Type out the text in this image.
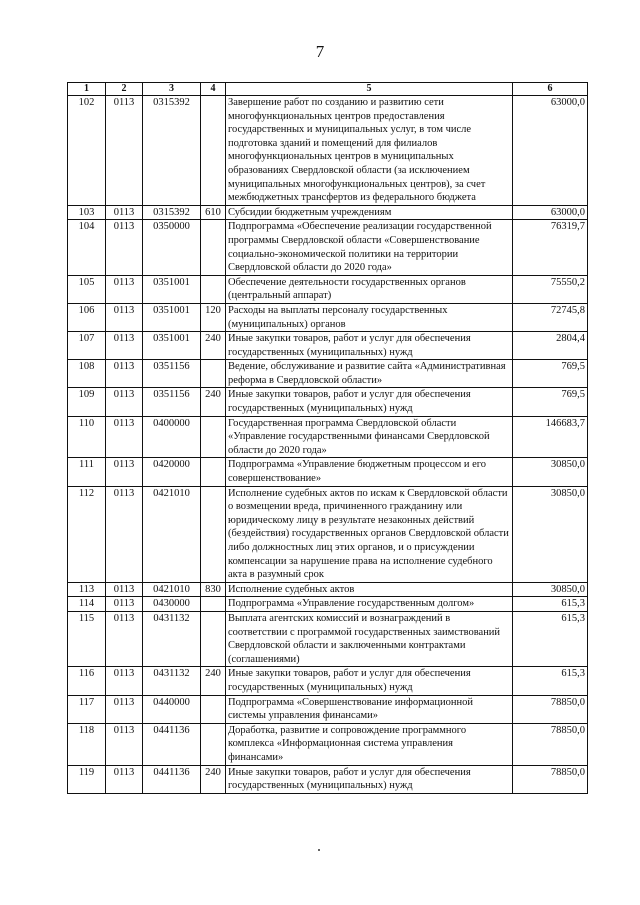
7
1	2	3	4	5	6
102	0113	0315392		Завершение работ по созданию и развитию сети многофункциональных центров предоставления государственных и муниципальных услуг, в том числе подготовка зданий и помещений для филиалов многофункциональных центров в муниципальных образованиях Свердловской области (за исключением муниципальных многофункциональных центров), за счет межбюджетных трансфертов из федерального бюджета	63000,0
103	0113	0315392	610	Субсидии бюджетным учреждениям	63000,0
104	0113	0350000		Подпрограмма «Обеспечение реализации государственной программы Свердловской области «Совершенствование социально-экономической политики на территории Свердловской области до 2020 года»	76319,7
105	0113	0351001		Обеспечение деятельности государственных органов (центральный аппарат)	75550,2
106	0113	0351001	120	Расходы на выплаты персоналу государственных (муниципальных) органов	72745,8
107	0113	0351001	240	Иные закупки товаров, работ и услуг для обеспечения государственных (муниципальных) нужд	2804,4
108	0113	0351156		Ведение, обслуживание и развитие сайта «Административная реформа в Свердловской области»	769,5
109	0113	0351156	240	Иные закупки товаров, работ и услуг для обеспечения государственных (муниципальных) нужд	769,5
110	0113	0400000		Государственная программа Свердловской области «Управление государственными финансами Свердловской области до 2020 года»	146683,7
111	0113	0420000		Подпрограмма «Управление бюджетным процессом и его совершенствование»	30850,0
112	0113	0421010		Исполнение судебных актов по искам к Свердловской области о возмещении вреда, причиненного гражданину или юридическому лицу в результате незаконных действий (бездействия) государственных органов Свердловской области либо должностных лиц этих органов, и о присуждении компенсации за нарушение права на исполнение судебного акта в разумный срок	30850,0
113	0113	0421010	830	Исполнение судебных актов	30850,0
114	0113	0430000		Подпрограмма «Управление государственным долгом»	615,3
115	0113	0431132		Выплата агентских комиссий и вознаграждений в соответствии с программой государственных заимствований Свердловской области и заключенными контрактами (соглашениями)	615,3
116	0113	0431132	240	Иные закупки товаров, работ и услуг для обеспечения государственных (муниципальных) нужд	615,3
117	0113	0440000		Подпрограмма «Совершенствование информационной системы управления финансами»	78850,0
118	0113	0441136		Доработка, развитие и сопровождение программного комплекса «Информационная система управления финансами»	78850,0
119	0113	0441136	240	Иные закупки товаров, работ и услуг для обеспечения государственных (муниципальных) нужд	78850,0
